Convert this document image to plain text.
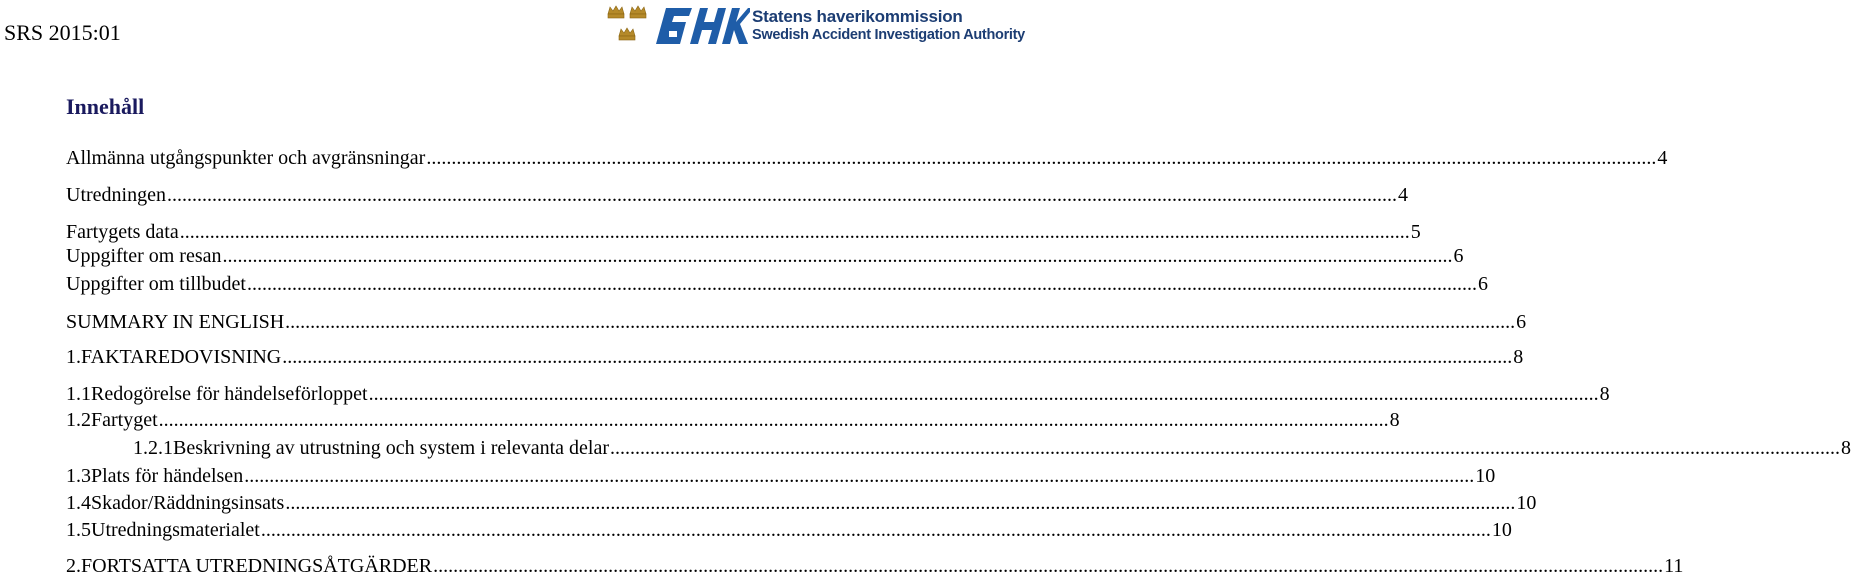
SRS 2015:01
Statens haverikommission
Swedish Accident Investigation Authority
Innehåll
Allmänna utgångspunkter och avgränsningar .....	4
Utredningen .....	4
Fartygets data .....	5
Uppgifter om resan .....	6
Uppgifter om tillbudet .....	6
SUMMARY IN ENGLISH .....	6
1. FAKTAREDOVISNING .....	8
1.1 Redogörelse för händelseförloppet .....	8
1.2 Fartyget .....	8
1.2.1 Beskrivning av utrustning och system i relevanta delar .....	8
1.3 Plats för händelsen .....	10
1.4 Skador/Räddningsinsats .....	10
1.5 Utredningsmaterialet .....	10
2. FORTSATTA UTREDNINGSÅTGÄRDER .....	11
